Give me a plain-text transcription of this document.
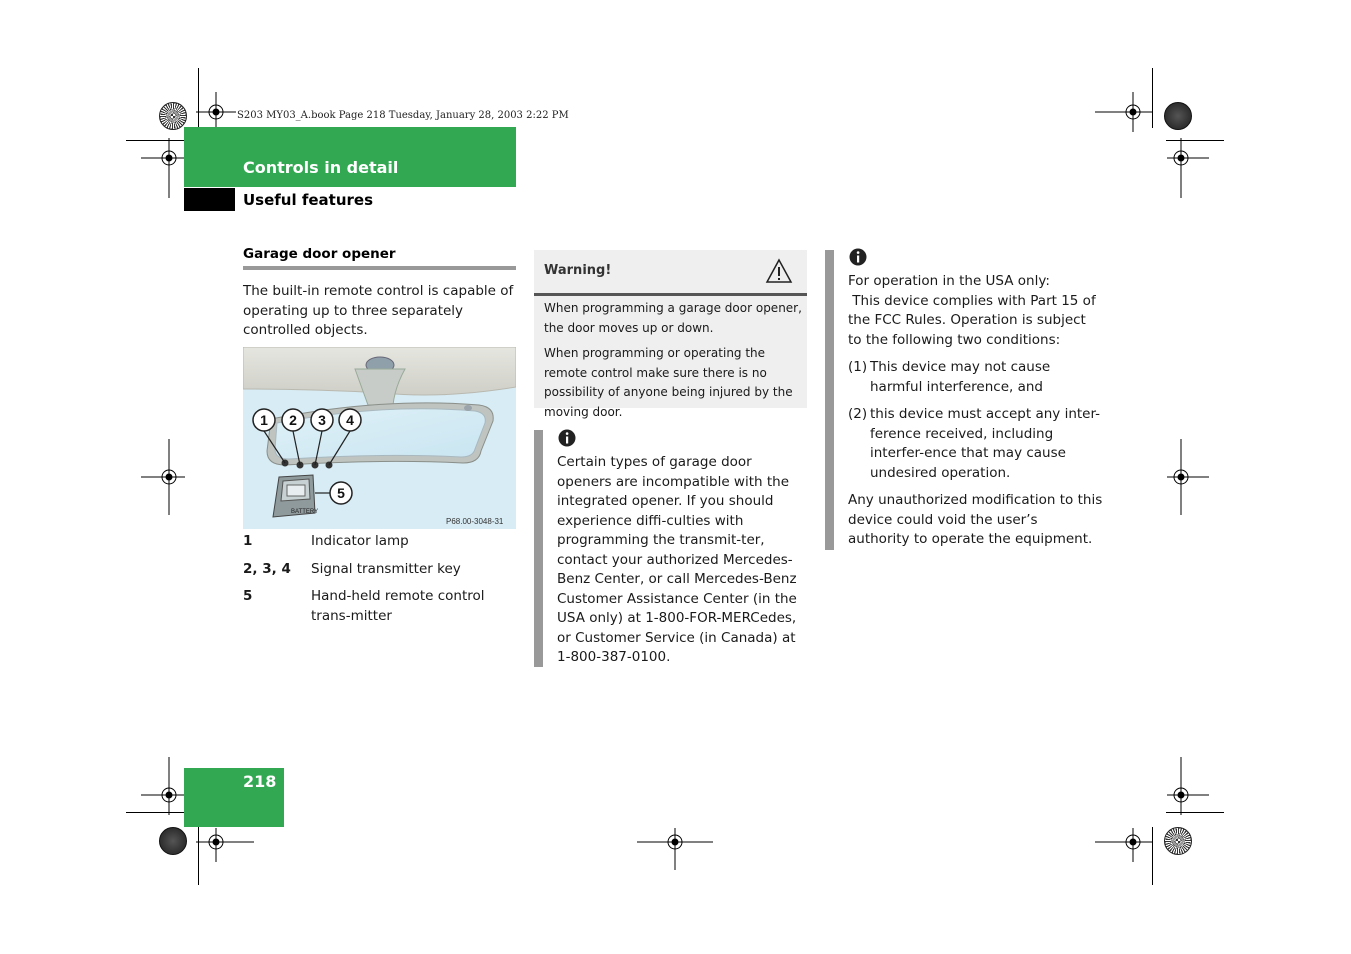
S203 MY03_A.book Page 218 Tuesday, January 28, 2003 2:22 PM
Controls in detail
Useful features
Garage door opener
The built-in remote control is capable of operating up to three separately controlled objects.
1 2 3 4
BATTERY
5
P68.00-3048-31
1	Indicator lamp
2, 3, 4	Signal transmitter key
5	Hand-held remote control trans-mitter
Warning!

When programming a garage door opener, the door moves up or down.

When programming or operating the remote control make sure there is no possibility of anyone being injured by the moving door.

Certain types of garage door openers are incompatible with the integrated opener. If you should experience diffi-culties with programming the transmit-ter, contact your authorized Mercedes-Benz Center, or call Mercedes-Benz Customer Assistance Center (in the USA only) at 1-800-FOR-MERCedes, or Customer Service (in Canada) at 1-800-387-0100.
For operation in the USA only:

This device complies with Part 15 of the FCC Rules. Operation is subject to the following two conditions:

(1) This device may not cause harmful interference, and
(2) this device must accept any inter-ference received, including interfer-ence that may cause undesired operation.

Any unauthorized modification to this device could void the user’s authority to operate the equipment.

218
